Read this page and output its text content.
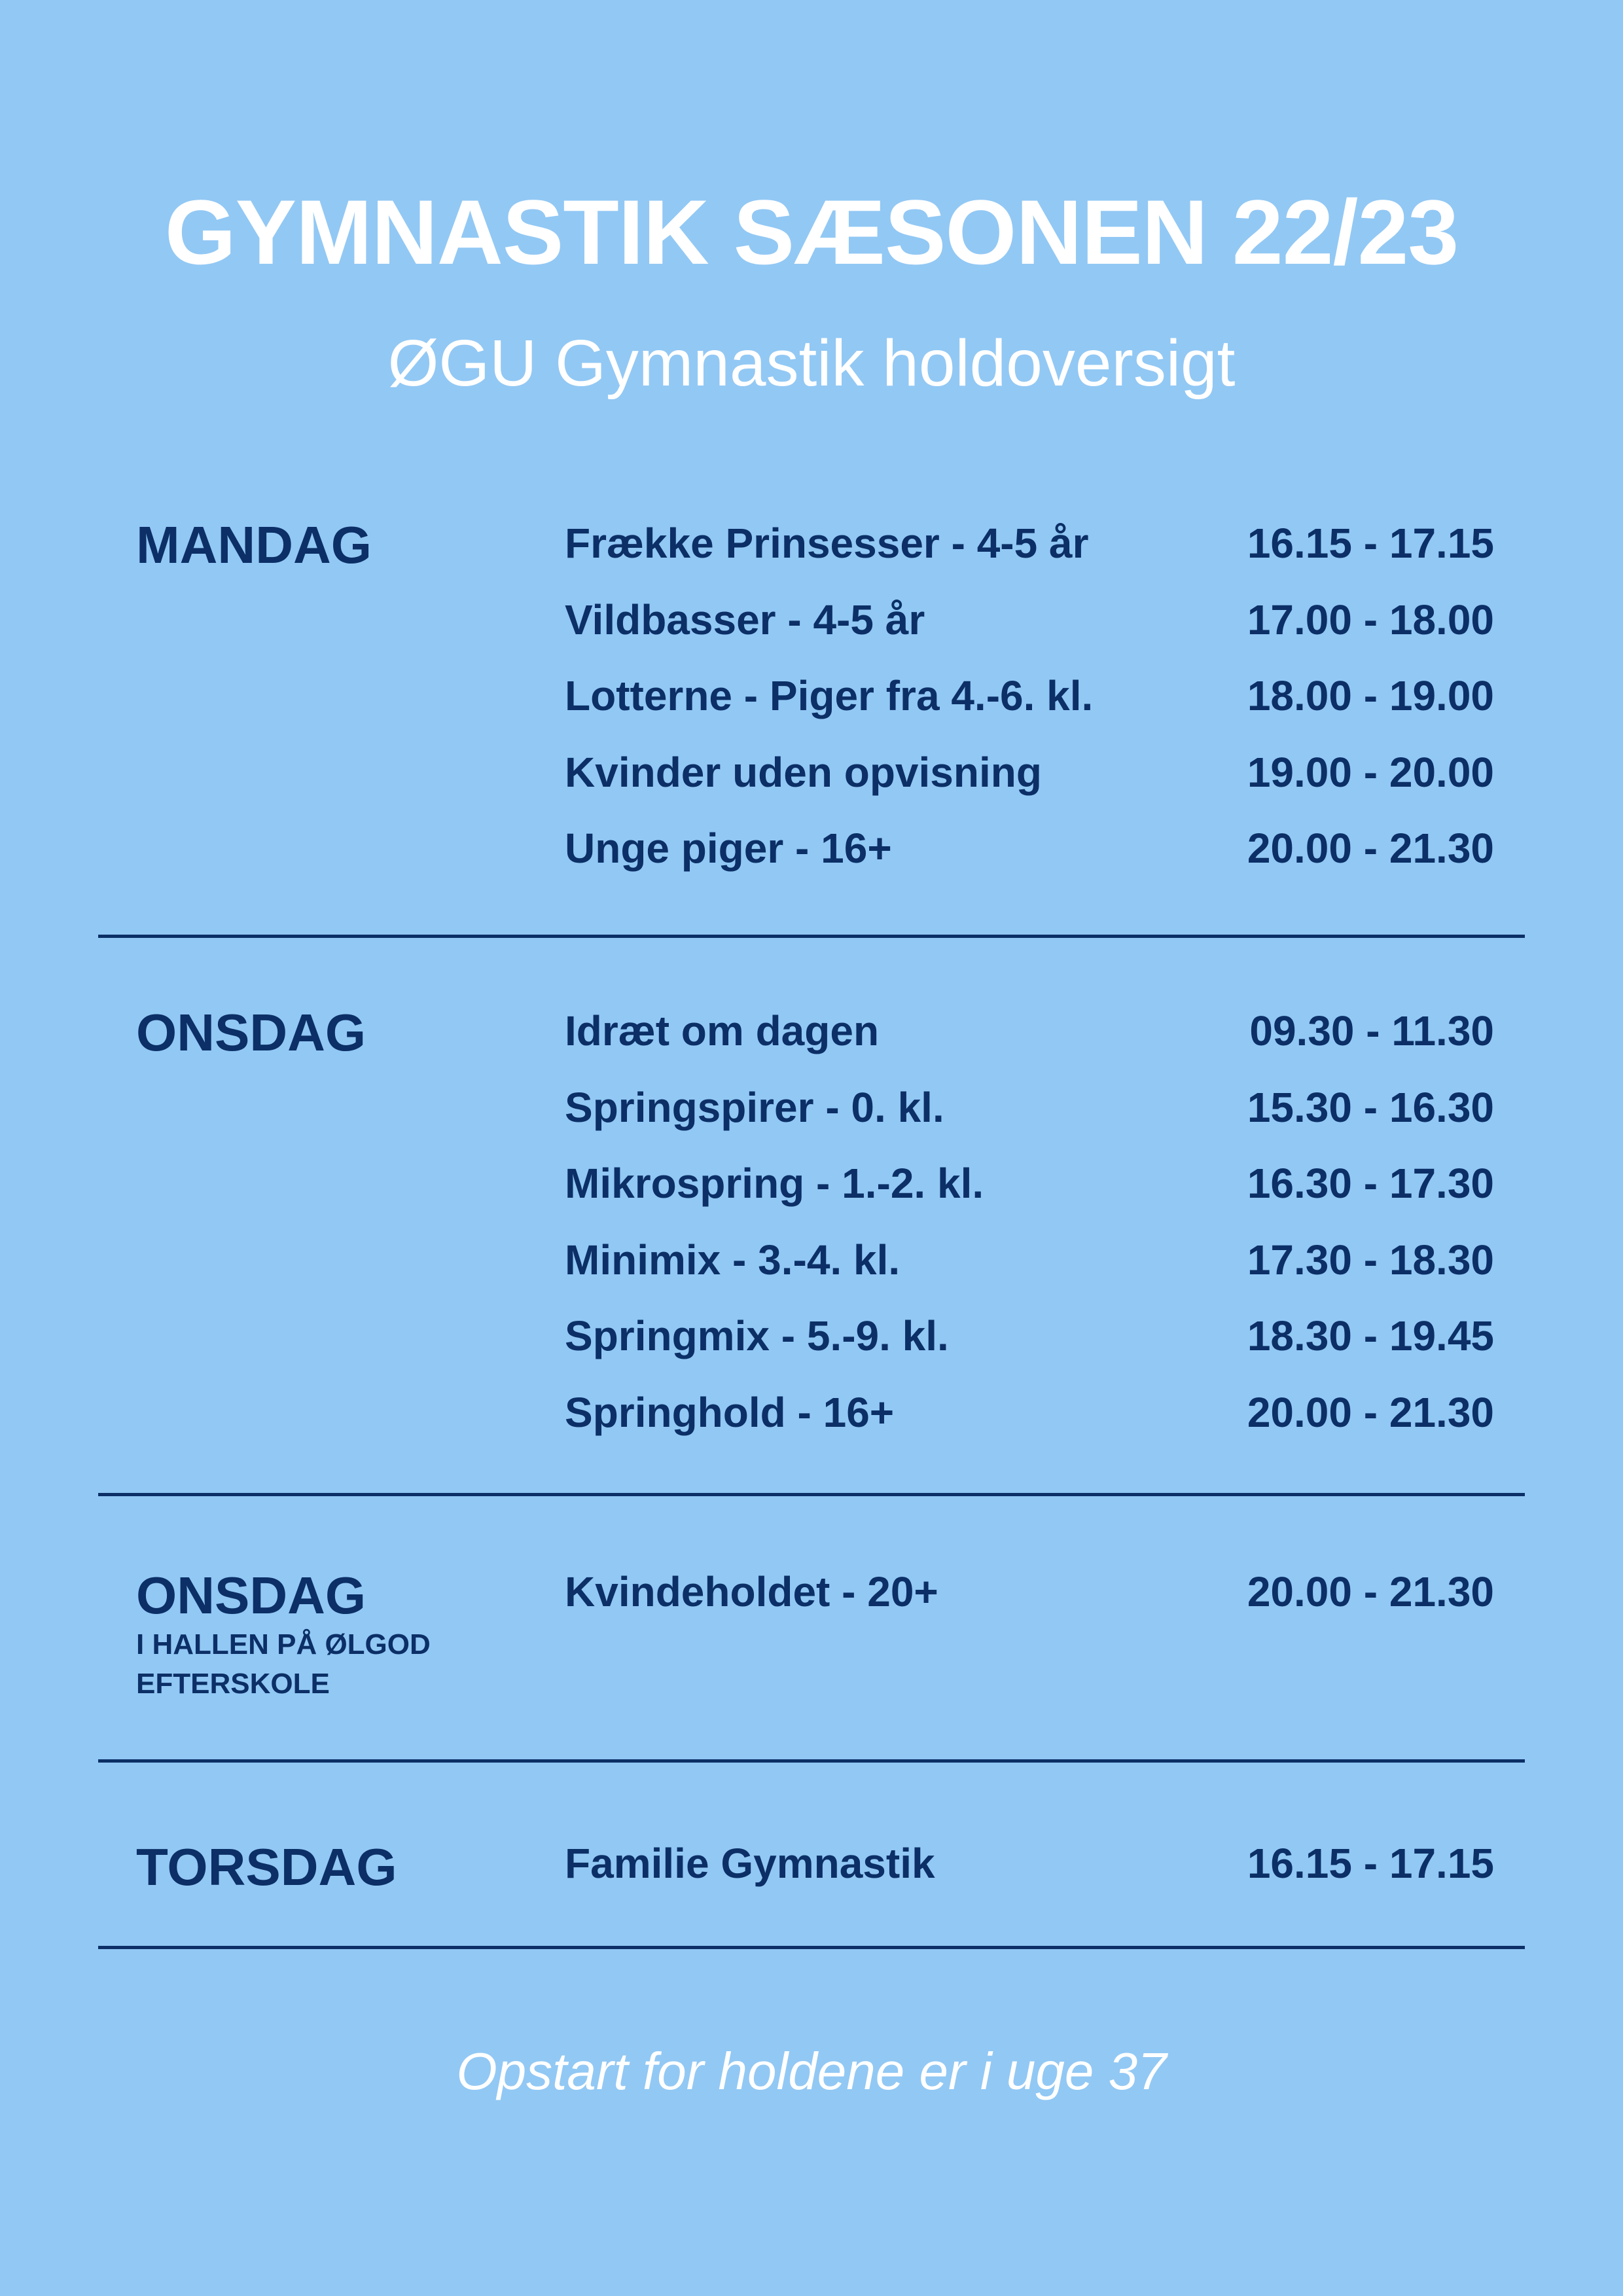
GYMNASTIK SÆSONEN 22/23
ØGU Gymnastik holdoversigt
MANDAG	Frække Prinsesser - 4-5 år	16.15 - 17.15
Vildbasser - 4-5 år	17.00 - 18.00
Lotterne - Piger fra 4.-6. kl.	18.00 - 19.00
Kvinder uden opvisning	19.00 - 20.00
Unge piger - 16+	20.00 - 21.30
ONSDAG	Idræt om dagen	09.30 - 11.30
Springspirer - 0. kl.	15.30 - 16.30
Mikrospring - 1.-2. kl.	16.30 - 17.30
Minimix - 3.-4. kl.	17.30 - 18.30
Springmix - 5.-9. kl.	18.30 - 19.45
Springhold - 16+	20.00 - 21.30
ONSDAG
I HALLEN PÅ ØLGOD
EFTERSKOLE
Kvindeholdet - 20+	20.00 - 21.30
TORSDAG	Familie Gymnastik	16.15 - 17.15
Opstart for holdene er i uge 37
